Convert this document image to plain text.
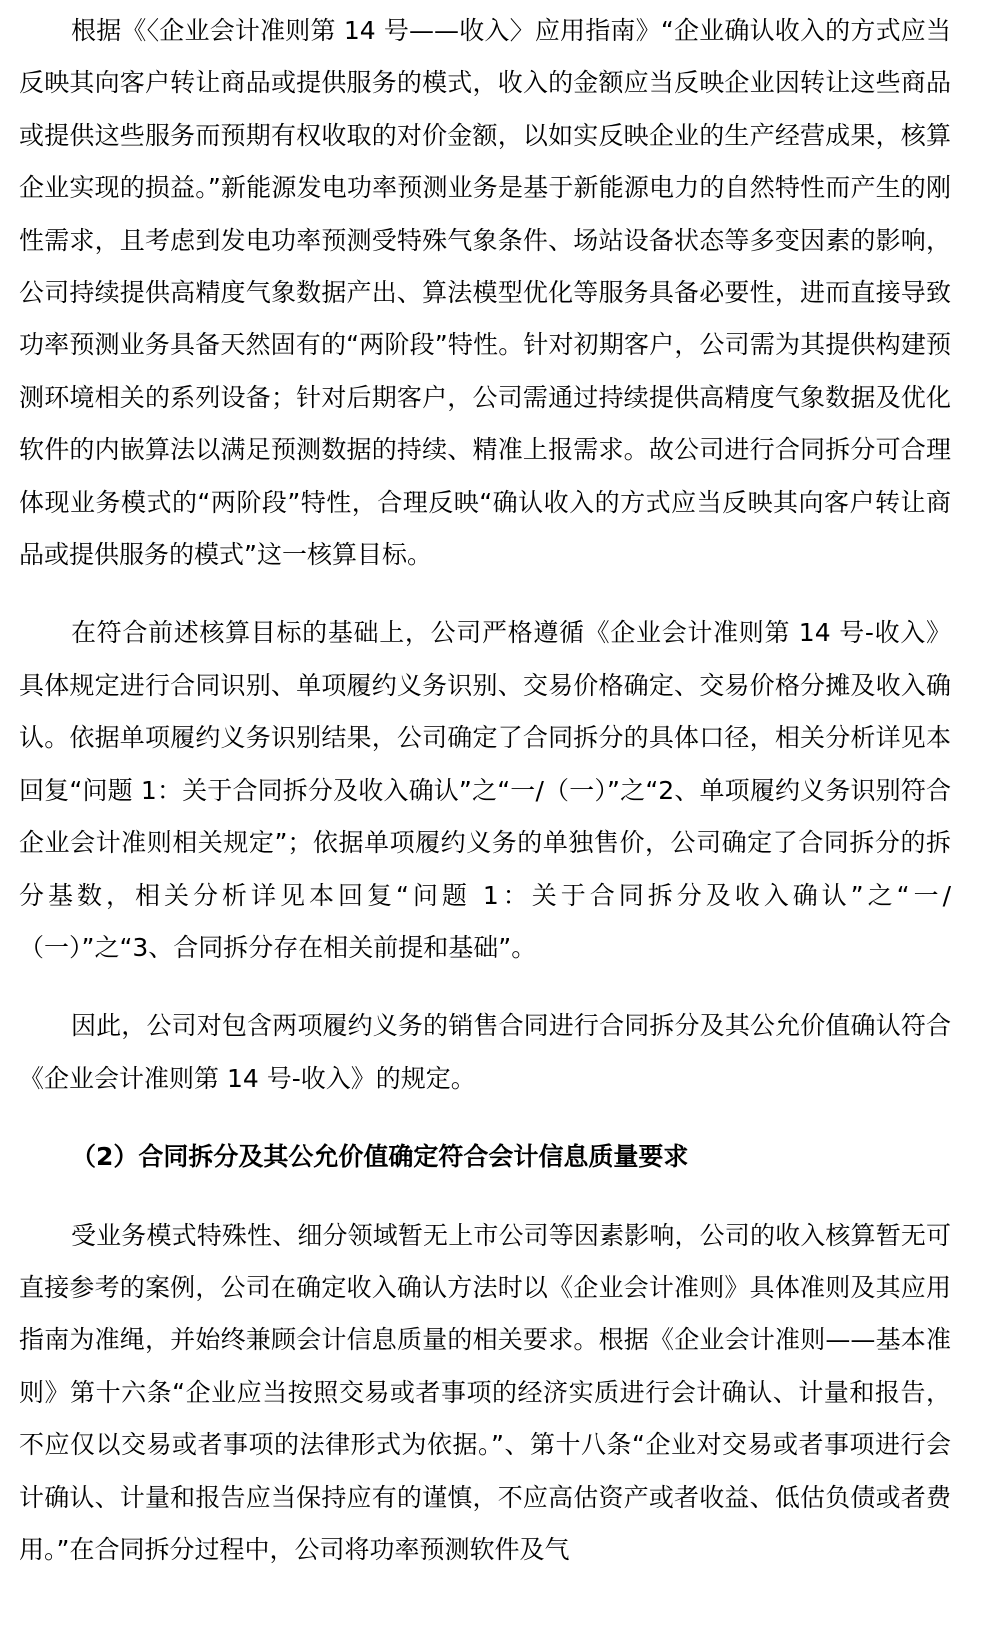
根据《〈企业会计准则第 14 号——收入〉应用指南》“企业确认收入的方式应当反映其向客户转让商品或提供服务的模式，收入的金额应当反映企业因转让这些商品或提供这些服务而预期有权收取的对价金额，以如实反映企业的生产经营成果，核算企业实现的损益。”新能源发电功率预测业务是基于新能源电力的自然特性而产生的刚性需求，且考虑到发电功率预测受特殊气象条件、场站设备状态等多变因素的影响，公司持续提供高精度气象数据产出、算法模型优化等服务具备必要性，进而直接导致功率预测业务具备天然固有的“两阶段”特性。针对初期客户，公司需为其提供构建预测环境相关的系列设备；针对后期客户，公司需通过持续提供高精度气象数据及优化软件的内嵌算法以满足预测数据的持续、精准上报需求。故公司进行合同拆分可合理体现业务模式的“两阶段”特性，合理反映“确认收入的方式应当反映其向客户转让商品或提供服务的模式”这一核算目标。

在符合前述核算目标的基础上，公司严格遵循《企业会计准则第 14 号-收入》具体规定进行合同识别、单项履约义务识别、交易价格确定、交易价格分摊及收入确认。依据单项履约义务识别结果，公司确定了合同拆分的具体口径，相关分析详见本回复“问题 1：关于合同拆分及收入确认”之“一/（一）”之“2、单项履约义务识别符合企业会计准则相关规定”；依据单项履约义务的单独售价，公司确定了合同拆分的拆分基数，相关分析详见本回复“问题 1：关于合同拆分及收入确认”之“一/（一）”之“3、合同拆分存在相关前提和基础”。

因此，公司对包含两项履约义务的销售合同进行合同拆分及其公允价值确认符合《企业会计准则第 14 号-收入》的规定。

（2）合同拆分及其公允价值确定符合会计信息质量要求

受业务模式特殊性、细分领域暂无上市公司等因素影响，公司的收入核算暂无可直接参考的案例，公司在确定收入确认方法时以《企业会计准则》具体准则及其应用指南为准绳，并始终兼顾会计信息质量的相关要求。根据《企业会计准则——基本准则》第十六条“企业应当按照交易或者事项的经济实质进行会计确认、计量和报告，不应仅以交易或者事项的法律形式为依据。”、第十八条“企业对交易或者事项进行会计确认、计量和报告应当保持应有的谨慎，不应高估资产或者收益、低估负债或者费用。”在合同拆分过程中，公司将功率预测软件及气
